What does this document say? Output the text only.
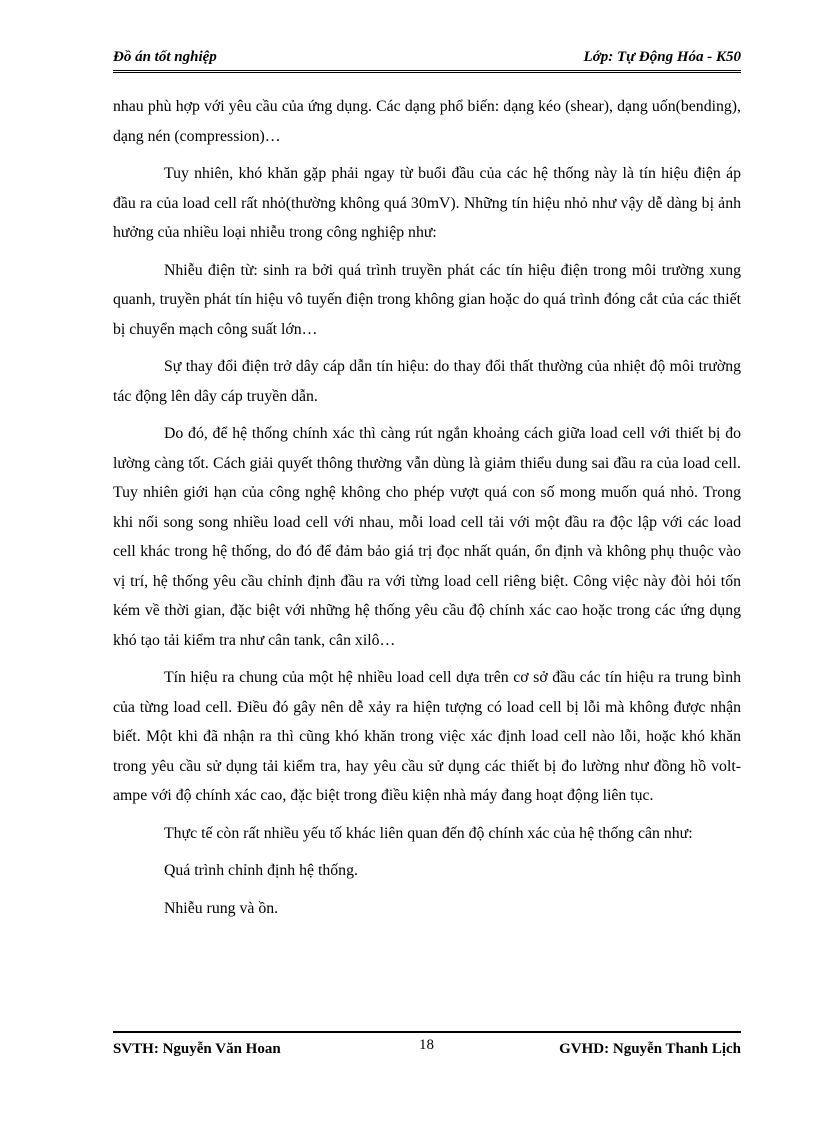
Đồ án tốt nghiệp	Lớp: Tự Động Hóa - K50

nhau phù hợp với yêu cầu của ứng dụng. Các dạng phổ biến: dạng kéo (shear), dạng uốn(bending), dạng nén (compression)…

Tuy nhiên, khó khăn gặp phải ngay từ buổi đầu của các hệ thống này là tín hiệu điện áp đầu ra của load cell rất nhỏ(thường không quá 30mV). Những tín hiệu nhỏ như vậy dễ dàng bị ảnh hưởng của nhiều loại nhiễu trong công nghiệp như:

Nhiễu điện từ: sinh ra bởi quá trình truyền phát các tín hiệu điện trong môi trường xung quanh, truyền phát tín hiệu vô tuyến điện trong không gian hoặc do quá trình đóng cắt của các thiết bị chuyển mạch công suất lớn…

Sự thay đổi điện trở dây cáp dẫn tín hiệu: do thay đổi thất thường của nhiệt độ môi trường tác động lên dây cáp truyền dẫn.

Do đó, để hệ thống chính xác thì càng rút ngắn khoảng cách giữa load cell với thiết bị đo lường càng tốt. Cách giải quyết thông thường vẫn dùng là giảm thiểu dung sai đầu ra của load cell. Tuy nhiên giới hạn của công nghệ không cho phép vượt quá con số mong muốn quá nhỏ. Trong khi nối song song nhiều load cell với nhau, mỗi load cell tải với một đầu ra độc lập với các load cell khác trong hệ thống, do đó để đảm bảo giá trị đọc nhất quán, ổn định và không phụ thuộc vào vị trí, hệ thống yêu cầu chỉnh định đầu ra với từng load cell riêng biệt. Công việc này đòi hỏi tốn kém về thời gian, đặc biệt với những hệ thống yêu cầu độ chính xác cao hoặc trong các ứng dụng khó tạo tải kiểm tra như cân tank, cân xilô…

Tín hiệu ra chung của một hệ nhiều load cell dựa trên cơ sở đầu các tín hiệu ra trung bình của từng load cell. Điều đó gây nên dễ xảy ra hiện tượng có load cell bị lỗi mà không được nhận biết. Một khi đã nhận ra thì cũng khó khăn trong việc xác định load cell nào lỗi, hoặc khó khăn trong yêu cầu sử dụng tải kiểm tra, hay yêu cầu sử dụng các thiết bị đo lường như đồng hồ volt-ampe với độ chính xác cao, đặc biệt trong điều kiện nhà máy đang hoạt động liên tục.

Thực tế còn rất nhiều yếu tố khác liên quan đến độ chính xác của hệ thống cân như:

Quá trình chỉnh định hệ thống.

Nhiễu rung và ồn.

SVTH: Nguyễn Văn Hoan	18	GVHD: Nguyễn Thanh Lịch
